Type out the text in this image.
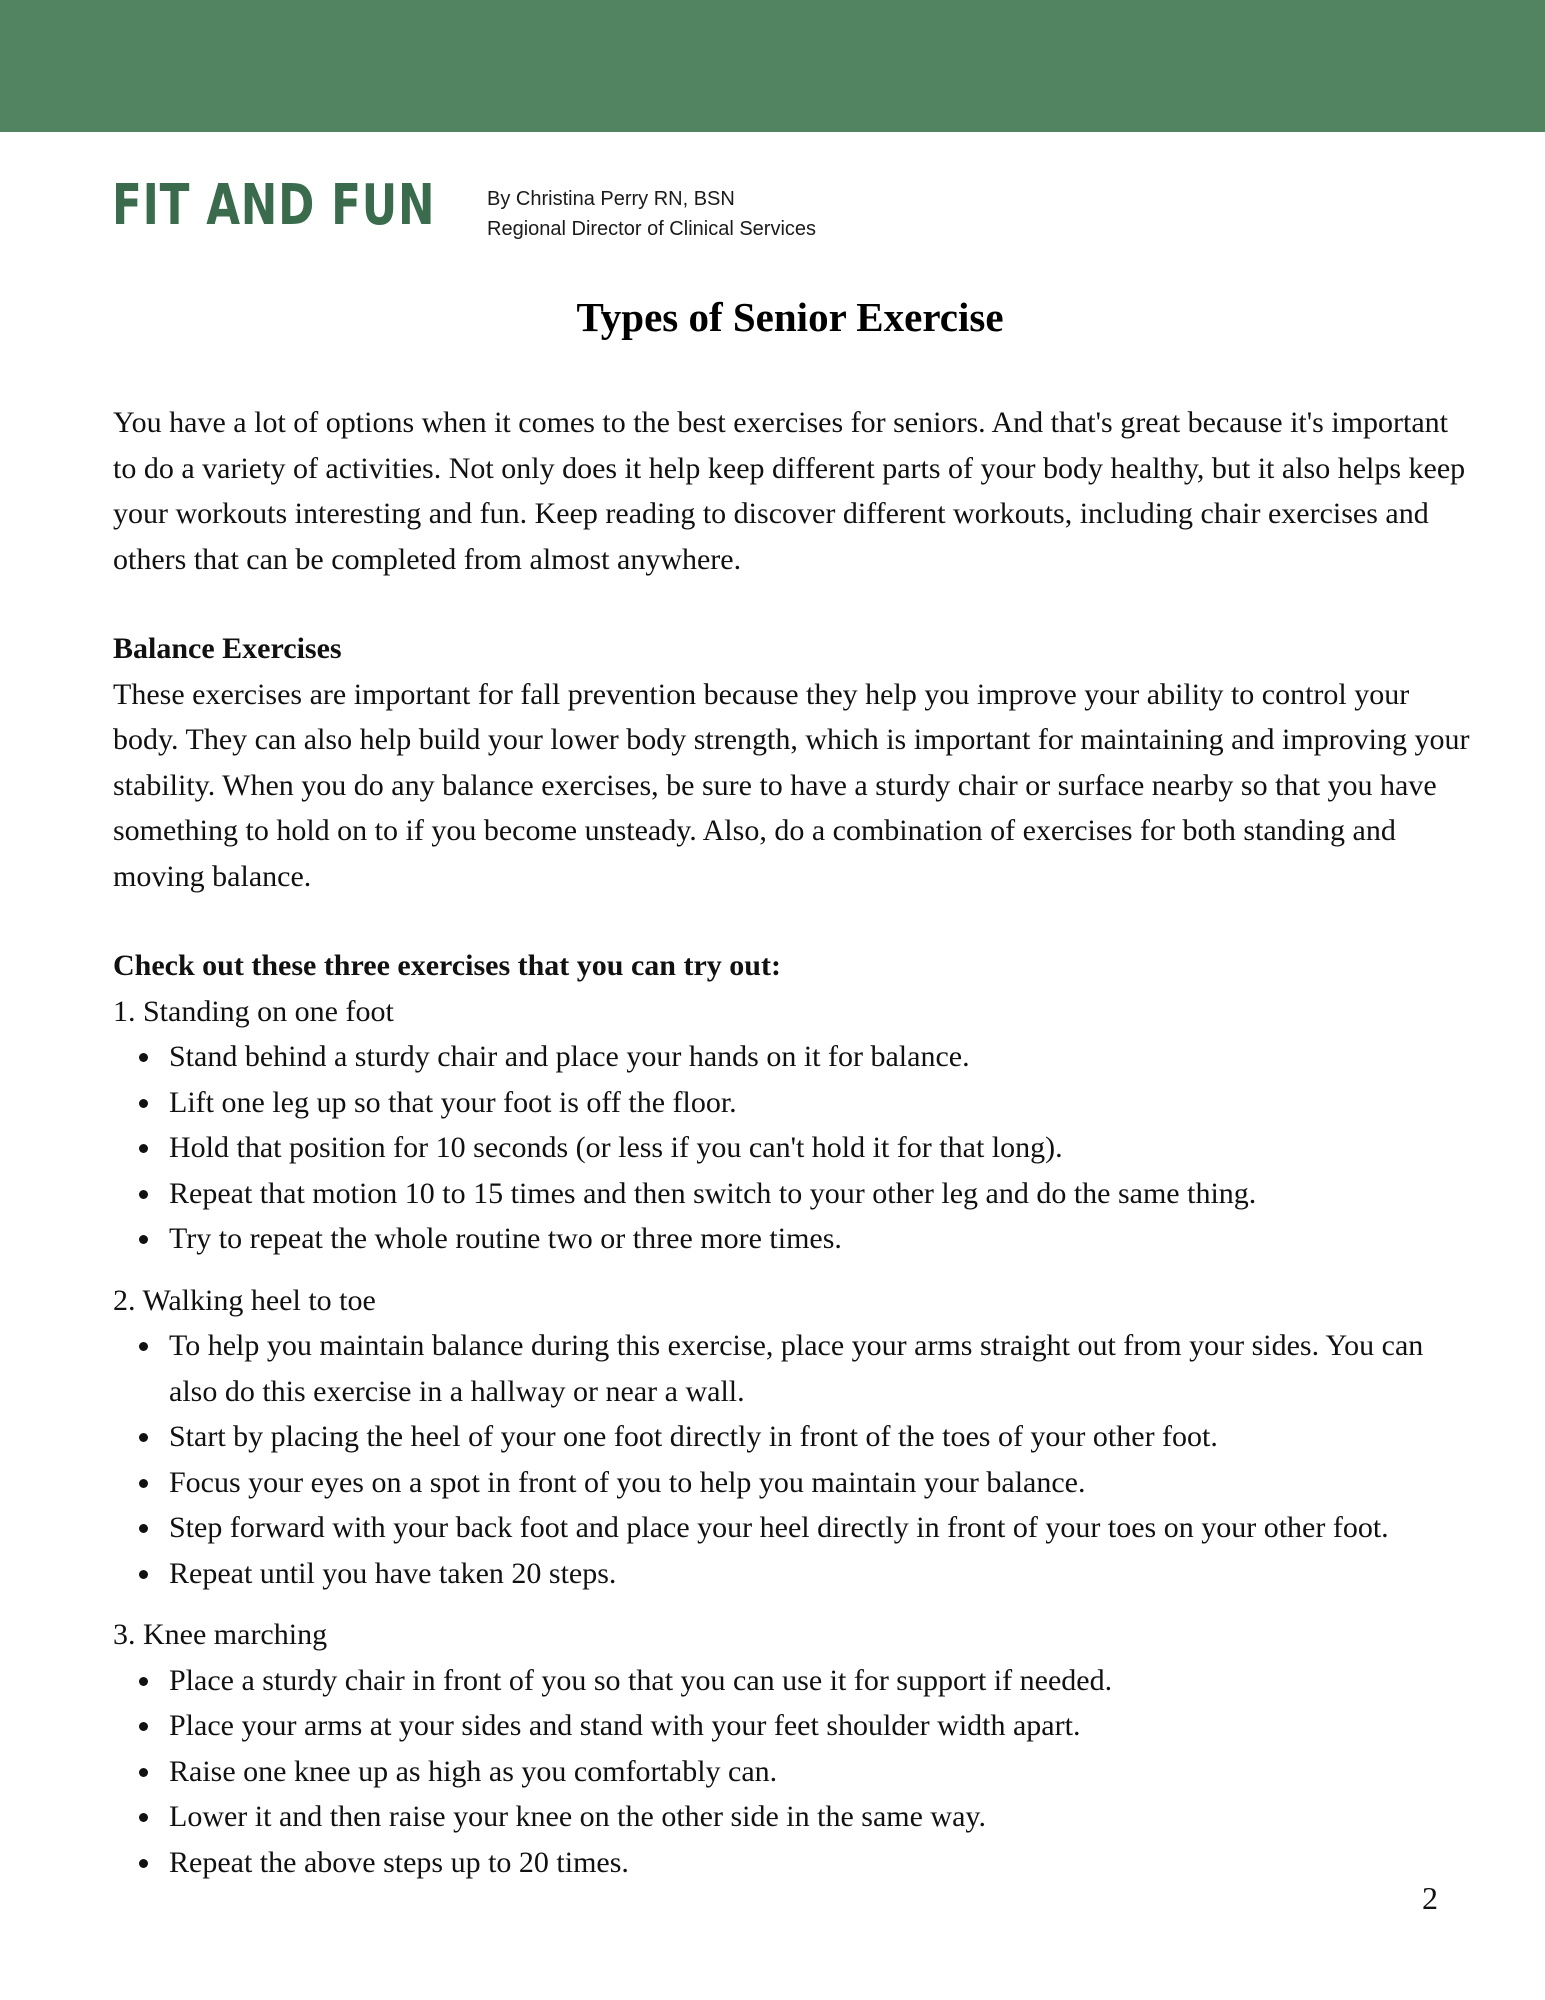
FIT AND FUN	By Christina Perry RN, BSN
Regional Director of Clinical Services
Types of Senior Exercise

You have a lot of options when it comes to the best exercises for seniors. And that's great because it's important to do a variety of activities. Not only does it help keep different parts of your body healthy, but it also helps keep your workouts interesting and fun. Keep reading to discover different workouts, including chair exercises and others that can be completed from almost anywhere.

Balance Exercises

These exercises are important for fall prevention because they help you improve your ability to control your body. They can also help build your lower body strength, which is important for maintaining and improving your stability. When you do any balance exercises, be sure to have a sturdy chair or surface nearby so that you have something to hold on to if you become unsteady. Also, do a combination of exercises for both standing and moving balance.

Check out these three exercises that you can try out:

1. Standing on one foot

Stand behind a sturdy chair and place your hands on it for balance.
Lift one leg up so that your foot is off the floor.
Hold that position for 10 seconds (or less if you can't hold it for that long).
Repeat that motion 10 to 15 times and then switch to your other leg and do the same thing.
Try to repeat the whole routine two or three more times.

2. Walking heel to toe

To help you maintain balance during this exercise, place your arms straight out from your sides. You can also do this exercise in a hallway or near a wall.
Start by placing the heel of your one foot directly in front of the toes of your other foot.
Focus your eyes on a spot in front of you to help you maintain your balance.
Step forward with your back foot and place your heel directly in front of your toes on your other foot.
Repeat until you have taken 20 steps.

3. Knee marching

Place a sturdy chair in front of you so that you can use it for support if needed.
Place your arms at your sides and stand with your feet shoulder width apart.
Raise one knee up as high as you comfortably can.
Lower it and then raise your knee on the other side in the same way.
Repeat the above steps up to 20 times.
2
